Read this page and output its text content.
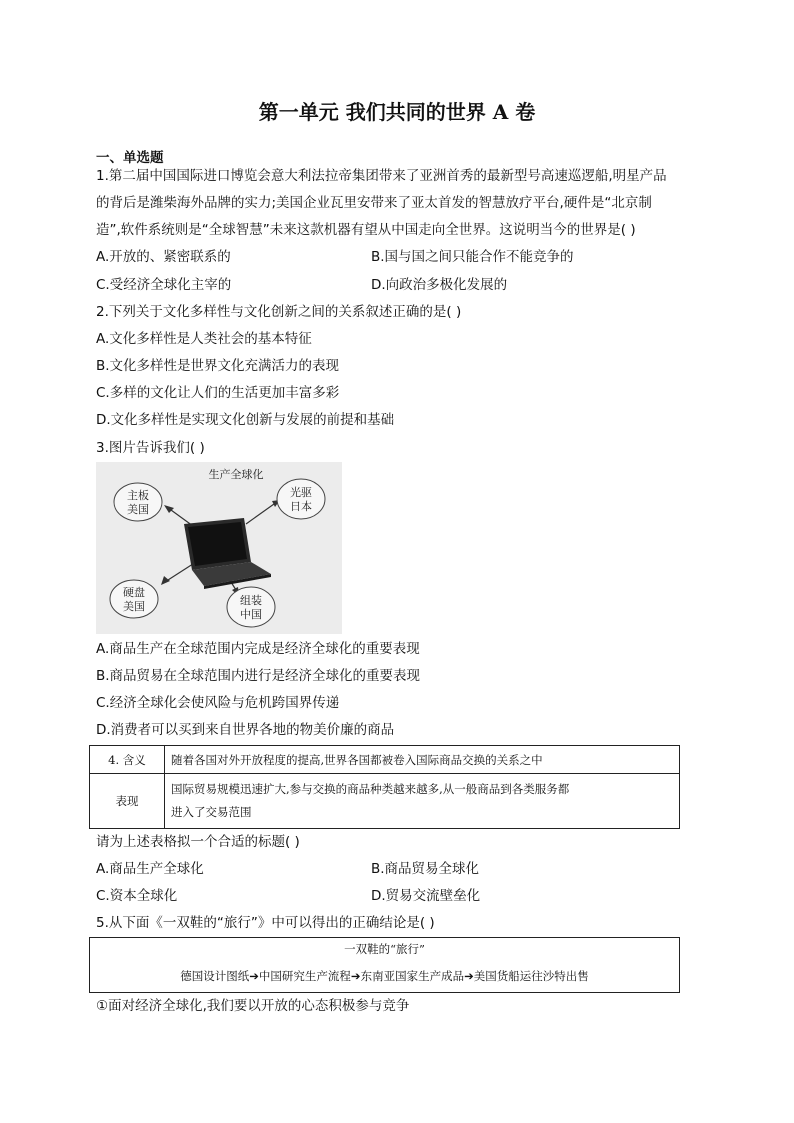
第一单元 我们共同的世界 A 卷
一、单选题
1.第二届中国国际进口博览会意大利法拉帝集团带来了亚洲首秀的最新型号高速巡逻船,明星产品
的背后是潍柴海外品牌的实力;美国企业瓦里安带来了亚太首发的智慧放疗平台,硬件是“北京制
造”,软件系统则是“全球智慧”未来这款机器有望从中国走向全世界。这说明当今的世界是( )
A.开放的、紧密联系的	B.国与国之间只能合作不能竞争的
C.受经济全球化主宰的	D.向政治多极化发展的
2.下列关于文化多样性与文化创新之间的关系叙述正确的是( )
A.文化多样性是人类社会的基本特征
B.文化多样性是世界文化充满活力的表现
C.多样的文化让人们的生活更加丰富多彩
D.文化多样性是实现文化创新与发展的前提和基础
3.图片告诉我们( )
生产全球化
主板
美国
光驱
日本
硬盘
美国	组装
中国
A.商品生产在全球范围内完成是经济全球化的重要表现
B.商品贸易在全球范围内进行是经济全球化的重要表现
C.经济全球化会使风险与危机跨国界传递
D.消费者可以买到来自世界各地的物美价廉的商品
4. 含义	随着各国对外开放程度的提高,世界各国都被卷入国际商品交换的关系之中
表现	国际贸易规模迅速扩大,参与交换的商品种类越来越多,从一般商品到各类服务都
进入了交易范围
请为上述表格拟一个合适的标题( )
A.商品生产全球化	B.商品贸易全球化
C.资本全球化	D.贸易交流壁垒化
5.从下面《一双鞋的“旅行”》中可以得出的正确结论是( )
一双鞋的“旅行”
德国设计图纸➔中国研究生产流程➔东南亚国家生产成品➔美国货船运往沙特出售
①面对经济全球化,我们要以开放的心态积极参与竞争
